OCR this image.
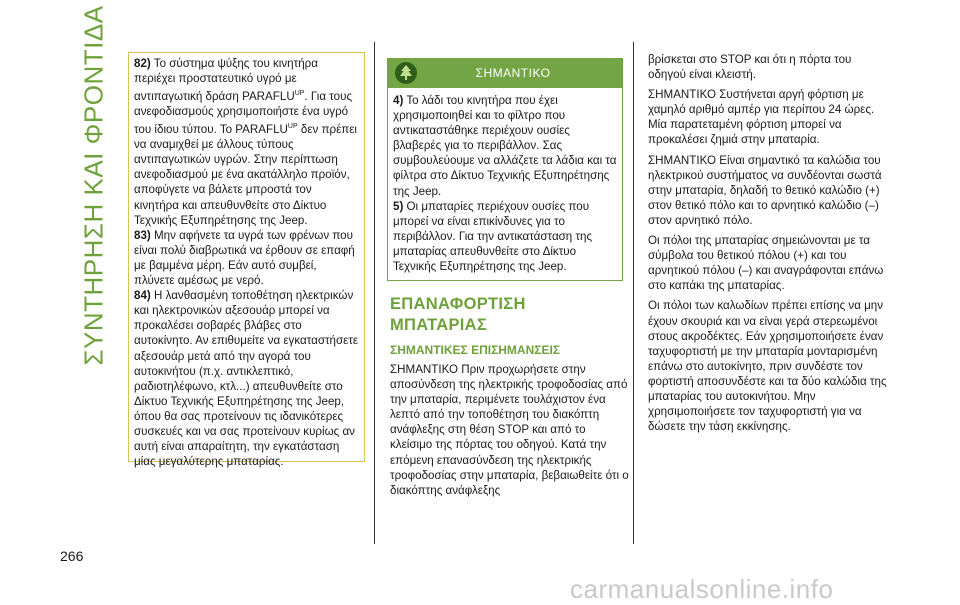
ΣΥΝΤΗΡΗΣΗ ΚΑΙ ΦΡΟΝΤΙΔΑ
266

82) Το σύστημα ψύξης του κινητήρα περιέχει προστατευτικό υγρό με αντιπαγωτική δράση $PARAFLU^{UP}$. Για τους ανεφοδιασμούς χρησιμοποιήστε ένα υγρό του ίδιου τύπου. Το $PARAFLU^{UP}$ δεν πρέπει να αναμιχθεί με άλλους τύπους αντιπαγωτικών υγρών. Στην περίπτωση ανεφοδιασμού με ένα ακατάλληλο προϊόν, αποφύγετε να βάλετε μπροστά τον κινητήρα και απευθυνθείτε στο Δίκτυο Τεχνικής Εξυπηρέτησης της Jeep.

83) Μην αφήνετε τα υγρά των φρένων που είναι πολύ διαβρωτικά να έρθουν σε επαφή με βαμμένα μέρη. Εάν αυτό συμβεί, πλύνετε αμέσως με νερό.

84) Η λανθασμένη τοποθέτηση ηλεκτρικών και ηλεκτρονικών αξεσουάρ μπορεί να προκαλέσει σοβαρές βλάβες στο αυτοκίνητο. Αν επιθυμείτε να εγκαταστήσετε αξεσουάρ μετά από την αγορά του αυτοκινήτου (π.χ. αντικλεπτικό, ραδιοτηλέφωνο, κτλ...) απευθυνθείτε στο Δίκτυο Τεχνικής Εξυπηρέτησης της Jeep, όπου θα σας προτείνουν τις ιδανικότερες συσκευές και να σας προτείνουν κυρίως αν αυτή είναι απαραίτητη, την εγκατάσταση μίας μεγαλύτερης μπαταρίας.

ΣΗΜΑΝΤΙΚΟ

4) Το λάδι του κινητήρα που έχει χρησιμοποιηθεί και το φίλτρο που αντικαταστάθηκε περιέχουν ουσίες βλαβερές για το περιβάλλον. Σας συμβουλεύουμε να αλλάζετε τα λάδια και τα φίλτρα στο Δίκτυο Τεχνικής Εξυπηρέτησης της Jeep.

5) Οι μπαταρίες περιέχουν ουσίες που μπορεί να είναι επικίνδυνες για το περιβάλλον. Για την αντικατάσταση της μπαταρίας απευθυνθείτε στο Δίκτυο Τεχνικής Εξυπηρέτησης της Jeep.

ΕΠΑΝΑΦΟΡΤΙΣΗ
ΜΠΑΤΑΡΙΑΣ
ΣΗΜΑΝΤΙΚΕΣ ΕΠΙΣΗΜΑΝΣΕΙΣ

ΣΗΜΑΝΤΙΚΟ Πριν προχωρήσετε στην αποσύνδεση της ηλεκτρικής τροφοδοσίας από την μπαταρία, περιμένετε τουλάχιστον ένα λεπτό από την τοποθέτηση του διακόπτη ανάφλεξης στη θέση STOP και από το κλείσιμο της πόρτας του οδηγού. Κατά την επόμενη επανασύνδεση της ηλεκτρικής τροφοδοσίας στην μπαταρία, βεβαιωθείτε ότι ο διακόπτης ανάφλεξης

βρίσκεται στο STOP και ότι η πόρτα του οδηγού είναι κλειστή.

ΣΗΜΑΝΤΙΚΟ Συστήνεται αργή φόρτιση με χαμηλό αριθμό αμπέρ για περίπου 24 ώρες. Μία παρατεταμένη φόρτιση μπορεί να προκαλέσει ζημιά στην μπαταρία.

ΣΗΜΑΝΤΙΚΟ Είναι σημαντικό τα καλώδια του ηλεκτρικού συστήματος να συνδέονται σωστά στην μπαταρία, δηλαδή το θετικό καλώδιο (+) στον θετικό πόλο και το αρνητικό καλώδιο (–) στον αρνητικό πόλο.

Οι πόλοι της μπαταρίας σημειώνονται με τα σύμβολα του θετικού πόλου (+) και του αρνητικού πόλου (–) και αναγράφονται επάνω στο καπάκι της μπαταρίας.

Οι πόλοι των καλωδίων πρέπει επίσης να μην έχουν σκουριά και να είναι γερά στερεωμένοι στους ακροδέκτες. Εάν χρησιμοποιήσετε έναν ταχυφορτιστή με την μπαταρία μονταρισμένη επάνω στο αυτοκίνητο, πριν συνδέστε τον φορτιστή αποσυνδέστε και τα δύο καλώδια της μπαταρίας του αυτοκινήτου. Μην χρησιμοποιήσετε τον ταχυφορτιστή για να δώσετε την τάση εκκίνησης.

carmanualsonline.info
